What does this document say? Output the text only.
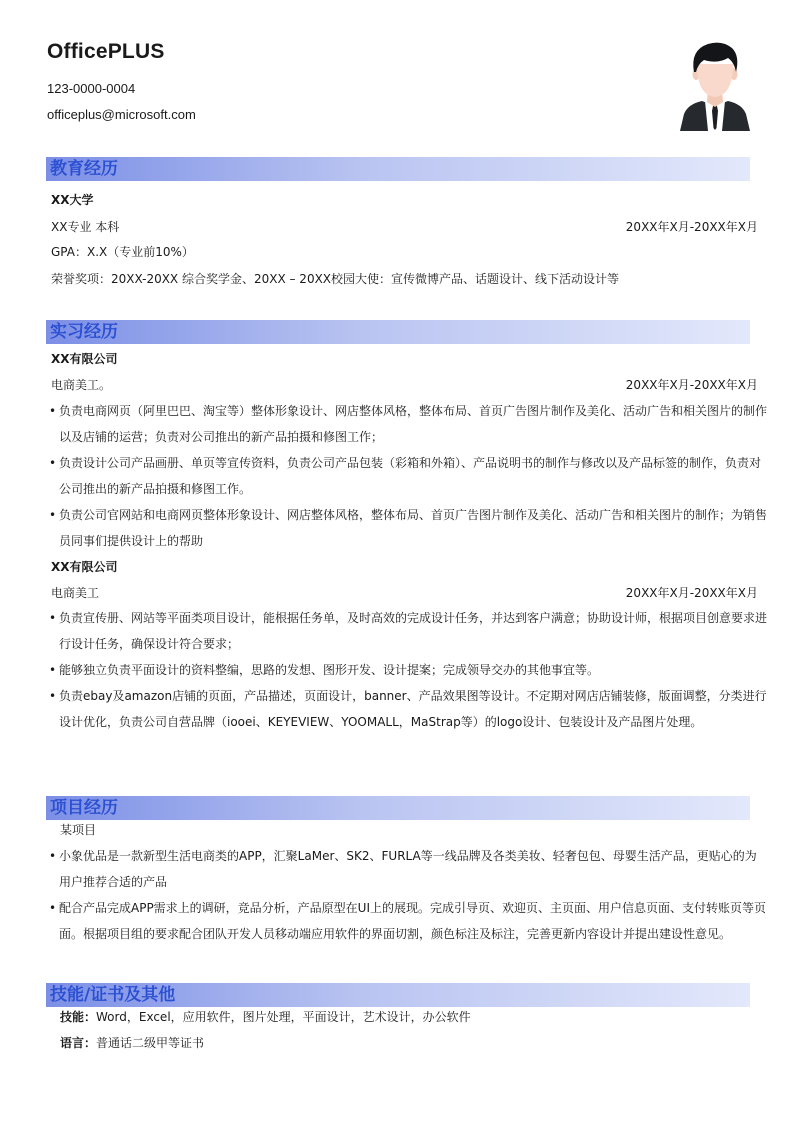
OfficePLUS
123-0000-0004
officeplus@microsoft.com
教育经历
XX大学
XX专业 本科	20XX年X月-20XX年X月
GPA：X.X（专业前10%）
荣誉奖项：20XX-20XX 综合奖学金、20XX – 20XX校园大使：宣传微博产品、话题设计、线下活动设计等
实习经历
XX有限公司
电商美工。	20XX年X月-20XX年X月
• 负责电商网页（阿里巴巴、淘宝等）整体形象设计、网店整体风格，整体布局、首页广告图片制作及美化、活动广告和相关图片的制作以及店铺的运营；负责对公司推出的新产品拍摄和修图工作；
• 负责设计公司产品画册、单页等宣传资料，负责公司产品包装（彩箱和外箱）、产品说明书的制作与修改以及产品标签的制作，负责对公司推出的新产品拍摄和修图工作。
• 负责公司官网站和电商网页整体形象设计、网店整体风格，整体布局、首页广告图片制作及美化、活动广告和相关图片的制作；为销售员同事们提供设计上的帮助
XX有限公司
电商美工	20XX年X月-20XX年X月
• 负责宣传册、网站等平面类项目设计，能根据任务单，及时高效的完成设计任务，并达到客户满意；协助设计师，根据项目创意要求进行设计任务，确保设计符合要求；
• 能够独立负责平面设计的资料整编，思路的发想、图形开发、设计提案；完成领导交办的其他事宜等。
• 负责ebay及amazon店铺的页面，产品描述，页面设计，banner、产品效果图等设计。不定期对网店店铺装修，版面调整，分类进行设计优化，负责公司自营品牌（iooei、KEYEVIEW、YOOMALL，MaStrap等）的logo设计、包装设计及产品图片处理。
项目经历
某项目
• 小象优品是一款新型生活电商类的APP，汇聚LaMer、SK2、FURLA等一线品牌及各类美妆、轻奢包包、母婴生活产品，更贴心的为用户推荐合适的产品
• 配合产品完成APP需求上的调研，竞品分析，产品原型在UI上的展现。完成引导页、欢迎页、主页面、用户信息页面、支付转账页等页面。根据项目组的要求配合团队开发人员移动端应用软件的界面切割，颜色标注及标注，完善更新内容设计并提出建设性意见。
技能/证书及其他
技能：Word，Excel，应用软件，图片处理，平面设计，艺术设计，办公软件
语言：普通话二级甲等证书
